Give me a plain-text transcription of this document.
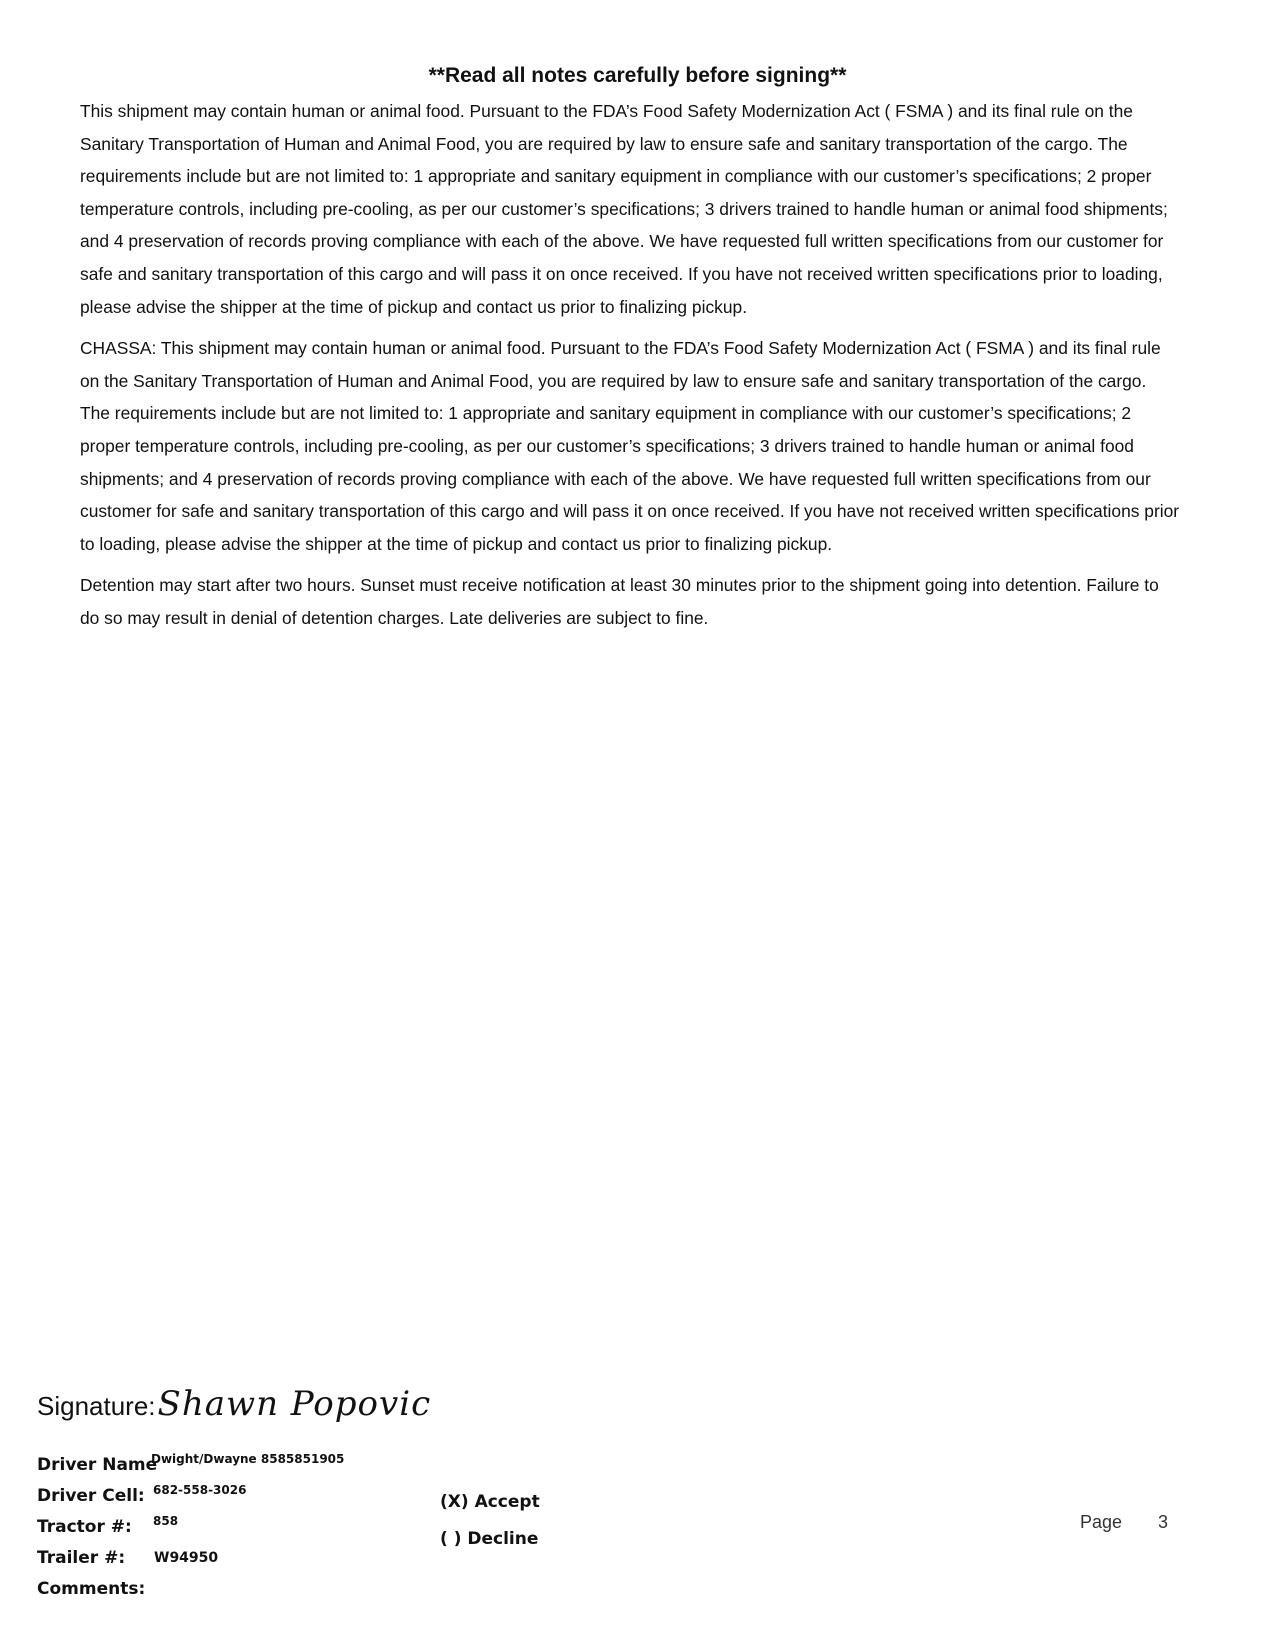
**Read all notes carefully before signing**

This shipment may contain human or animal food. Pursuant to the FDA’s Food Safety Modernization Act ( FSMA ) and its final rule on the Sanitary Transportation of Human and Animal Food, you are required by law to ensure safe and sanitary transportation of the cargo. The requirements include but are not limited to: 1 appropriate and sanitary equipment in compliance with our customer’s specifications; 2 proper temperature controls, including pre-cooling, as per our customer’s specifications; 3 drivers trained to handle human or animal food shipments; and 4 preservation of records proving compliance with each of the above. We have requested full written specifications from our customer for safe and sanitary transportation of this cargo and will pass it on once received. If you have not received written specifications prior to loading, please advise the shipper at the time of pickup and contact us prior to finalizing pickup.

CHASSA: This shipment may contain human or animal food. Pursuant to the FDA’s Food Safety Modernization Act ( FSMA ) and its final rule on the Sanitary Transportation of Human and Animal Food, you are required by law to ensure safe and sanitary transportation of the cargo. The requirements include but are not limited to: 1 appropriate and sanitary equipment in compliance with our customer’s specifications; 2 proper temperature controls, including pre-cooling, as per our customer’s specifications; 3 drivers trained to handle human or animal food shipments; and 4 preservation of records proving compliance with each of the above. We have requested full written specifications from our customer for safe and sanitary transportation of this cargo and will pass it on once received. If you have not received written specifications prior to loading, please advise the shipper at the time of pickup and contact us prior to finalizing pickup.

Detention may start after two hours. Sunset must receive notification at least 30 minutes prior to the shipment going into detention. Failure to do so may result in denial of detention charges. Late deliveries are subject to fine.

Signature:Shawn Popovic
Driver Name
Dwight/Dwayne 8585851905
Driver Cell: 682-558-3026
Tractor #: 858
Trailer #: W94950
Comments:
(X) Accept
( ) Decline
Page 3
